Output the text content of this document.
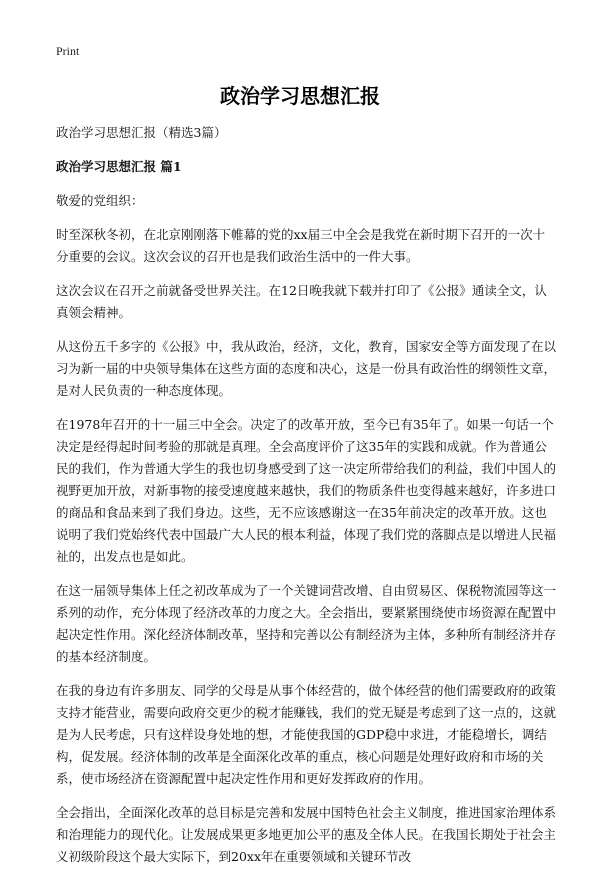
Print
政治学习思想汇报

政治学习思想汇报（精选3篇）

政治学习思想汇报 篇1

敬爱的党组织：

时至深秋冬初，在北京刚刚落下帷幕的党的xx届三中全会是我党在新时期下召开的一次十分重要的会议。这次会议的召开也是我们政治生活中的一件大事。

这次会议在召开之前就备受世界关注。在12日晚我就下载并打印了《公报》通读全文，认真领会精神。

从这份五千多字的《公报》中，我从政治，经济，文化，教育，国家安全等方面发现了在以习为新一届的中央领导集体在这些方面的态度和决心，这是一份具有政治性的纲领性文章，是对人民负责的一种态度体现。

在1978年召开的十一届三中全会。决定了的改革开放，至今已有35年了。如果一句话一个决定是经得起时间考验的那就是真理。全会高度评价了这35年的实践和成就。作为普通公民的我们，作为普通大学生的我也切身感受到了这一决定所带给我们的利益，我们中国人的视野更加开放，对新事物的接受速度越来越快，我们的物质条件也变得越来越好，许多进口的商品和食品来到了我们身边。这些，无不应该感谢这一在35年前决定的改革开放。这也说明了我们党始终代表中国最广大人民的根本利益，体现了我们党的落脚点是以增进人民福祉的，出发点也是如此。

在这一届领导集体上任之初改革成为了一个关键词营改增、自由贸易区、保税物流园等这一系列的动作，充分体现了经济改革的力度之大。全会指出，要紧紧围绕使市场资源在配置中起决定性作用。深化经济体制改革，坚持和完善以公有制经济为主体，多种所有制经济并存的基本经济制度。

在我的身边有许多朋友、同学的父母是从事个体经营的，做个体经营的他们需要政府的政策支持才能营业，需要向政府交更少的税才能赚钱，我们的党无疑是考虑到了这一点的，这就是为人民考虑，只有这样设身处地的想，才能使我国的GDP稳中求进，才能稳增长，调结构，促发展。经济体制的改革是全面深化改革的重点，核心问题是处理好政府和市场的关系，使市场经济在资源配置中起决定性作用和更好发挥政府的作用。

全会指出，全面深化改革的总目标是完善和发展中国特色社会主义制度，推进国家治理体系和治理能力的现代化。让发展成果更多地更加公平的惠及全体人民。在我国长期处于社会主义初级阶段这个最大实际下，到20xx年在重要领域和关键环节改
